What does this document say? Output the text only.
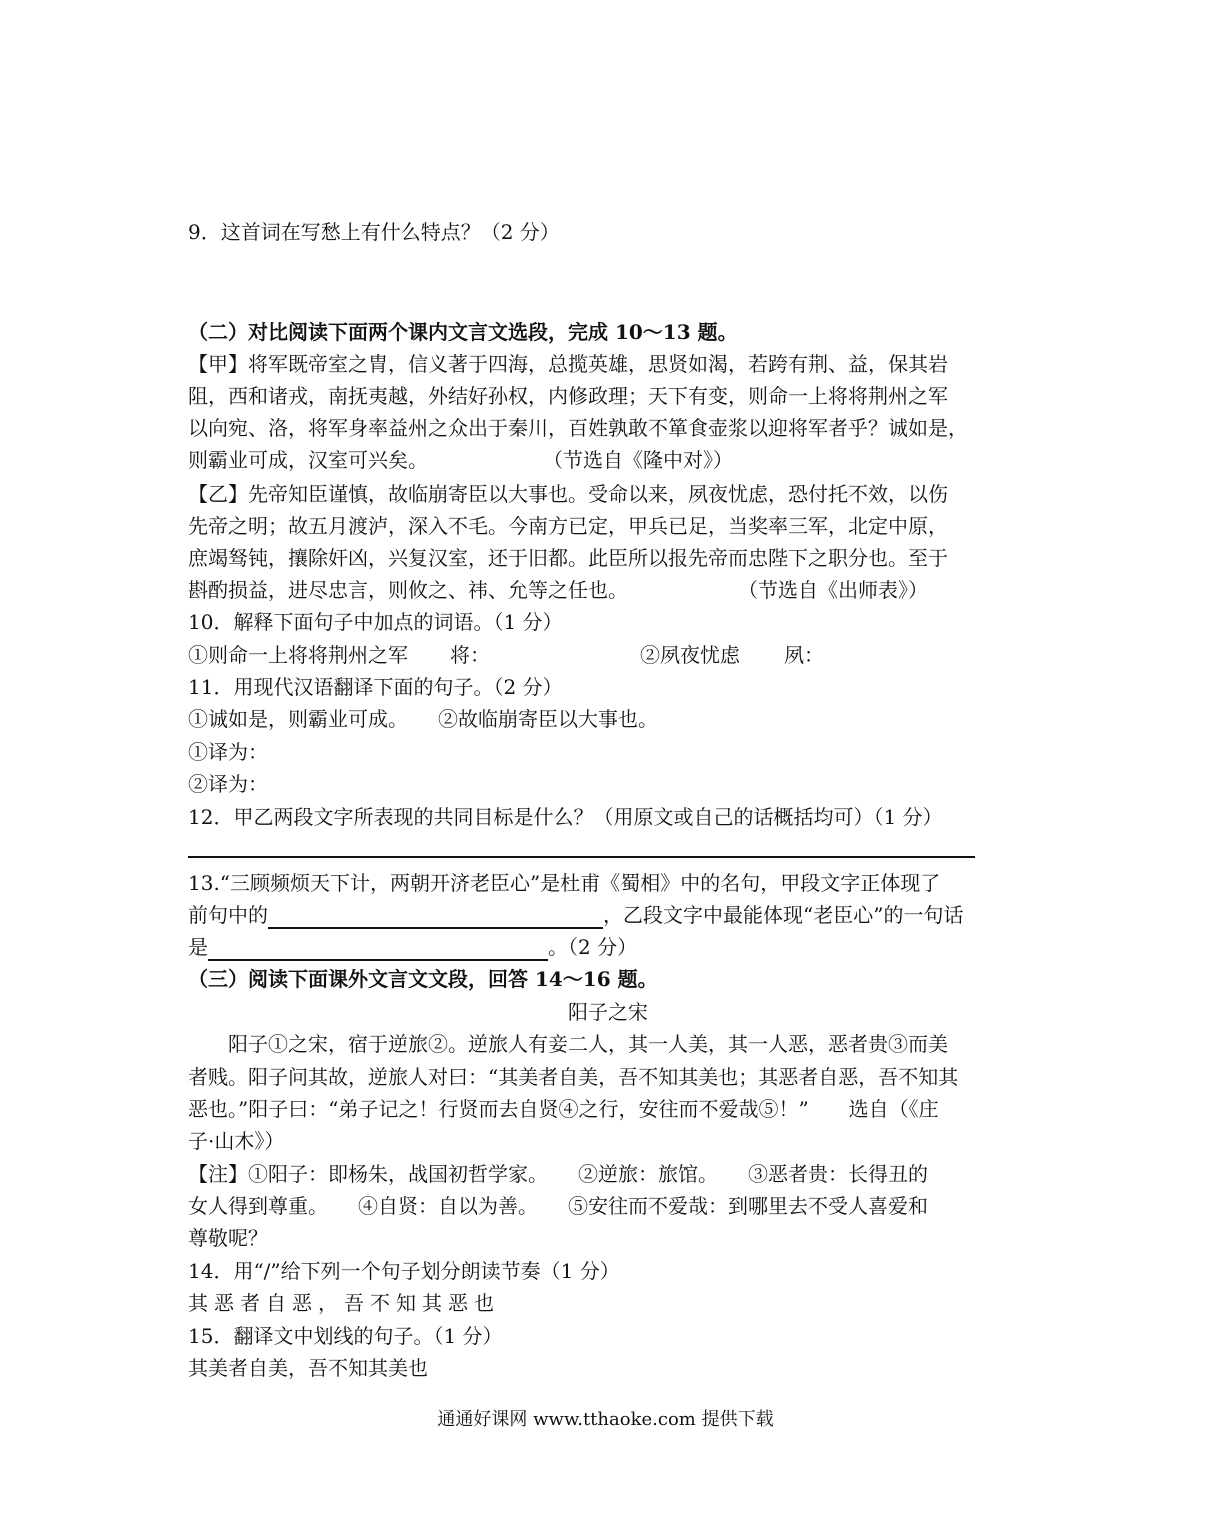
9．这首词在写愁上有什么特点？（2 分）
（二）对比阅读下面两个课内文言文选段，完成 10～13 题。
【甲】将军既帝室之胄，信义著于四海，总揽英雄，思贤如渴，若跨有荆、益，保其岩
阻，西和诸戎，南抚夷越，外结好孙权，内修政理；天下有变，则命一上将将荆州之军
以向宛、洛，将军身率益州之众出于秦川，百姓孰敢不箪食壶浆以迎将军者乎？诚如是，
则霸业可成，汉室可兴矣。	（节选自《隆中对》）
【乙】先帝知臣谨慎，故临崩寄臣以大事也。受命以来，夙夜忧虑，恐付托不效，以伤
先帝之明；故五月渡泸，深入不毛。今南方已定，甲兵已足，当奖率三军，北定中原，
庶竭驽钝，攘除奸凶，兴复汉室，还于旧都。此臣所以报先帝而忠陛下之职分也。至于
斟酌损益，进尽忠言，则攸之、祎、允等之任也。	（节选自《出师表》）
10．解释下面句子中加点的词语。（1 分）
①则命一上将将荆州之军 将：	②夙夜忧虑 夙：
11．用现代汉语翻译下面的句子。（2 分）
①诚如是，则霸业可成。　　②故临崩寄臣以大事也。
①译为：
②译为：
12．甲乙两段文字所表现的共同目标是什么？（用原文或自己的话概括均可）（1 分）
13.“三顾频烦天下计，两朝开济老臣心”是杜甫《蜀相》中的名句，甲段文字正体现了
前句中的	，乙段文字中最能体现“老臣心”的一句话
是	。（2 分）
（三）阅读下面课外文言文文段，回答 14～16 题。
阳子之宋
阳子①之宋，宿于逆旅②。逆旅人有妾二人，其一人美，其一人恶，恶者贵③而美
者贱。阳子问其故，逆旅人对曰：“其美者自美，吾不知其美也；其恶者自恶，吾不知其
恶也。”阳子曰：“弟子记之！行贤而去自贤④之行，安往而不爱哉⑤！”　　选自（《庄
子·山木》）
【注】①阳子：即杨朱，战国初哲学家。　　②逆旅：旅馆。　　③恶者贵：长得丑的
女人得到尊重。　　④自贤：自以为善。　　⑤安往而不爱哉：到哪里去不受人喜爱和
尊敬呢？
14．用“/”给下列一个句子划分朗读节奏（1 分）
其恶者自恶，吾不知其恶也
15．翻译文中划线的句子。（1 分）
其美者自美，吾不知其美也
通通好课网 www.tthaoke.com 提供下载
